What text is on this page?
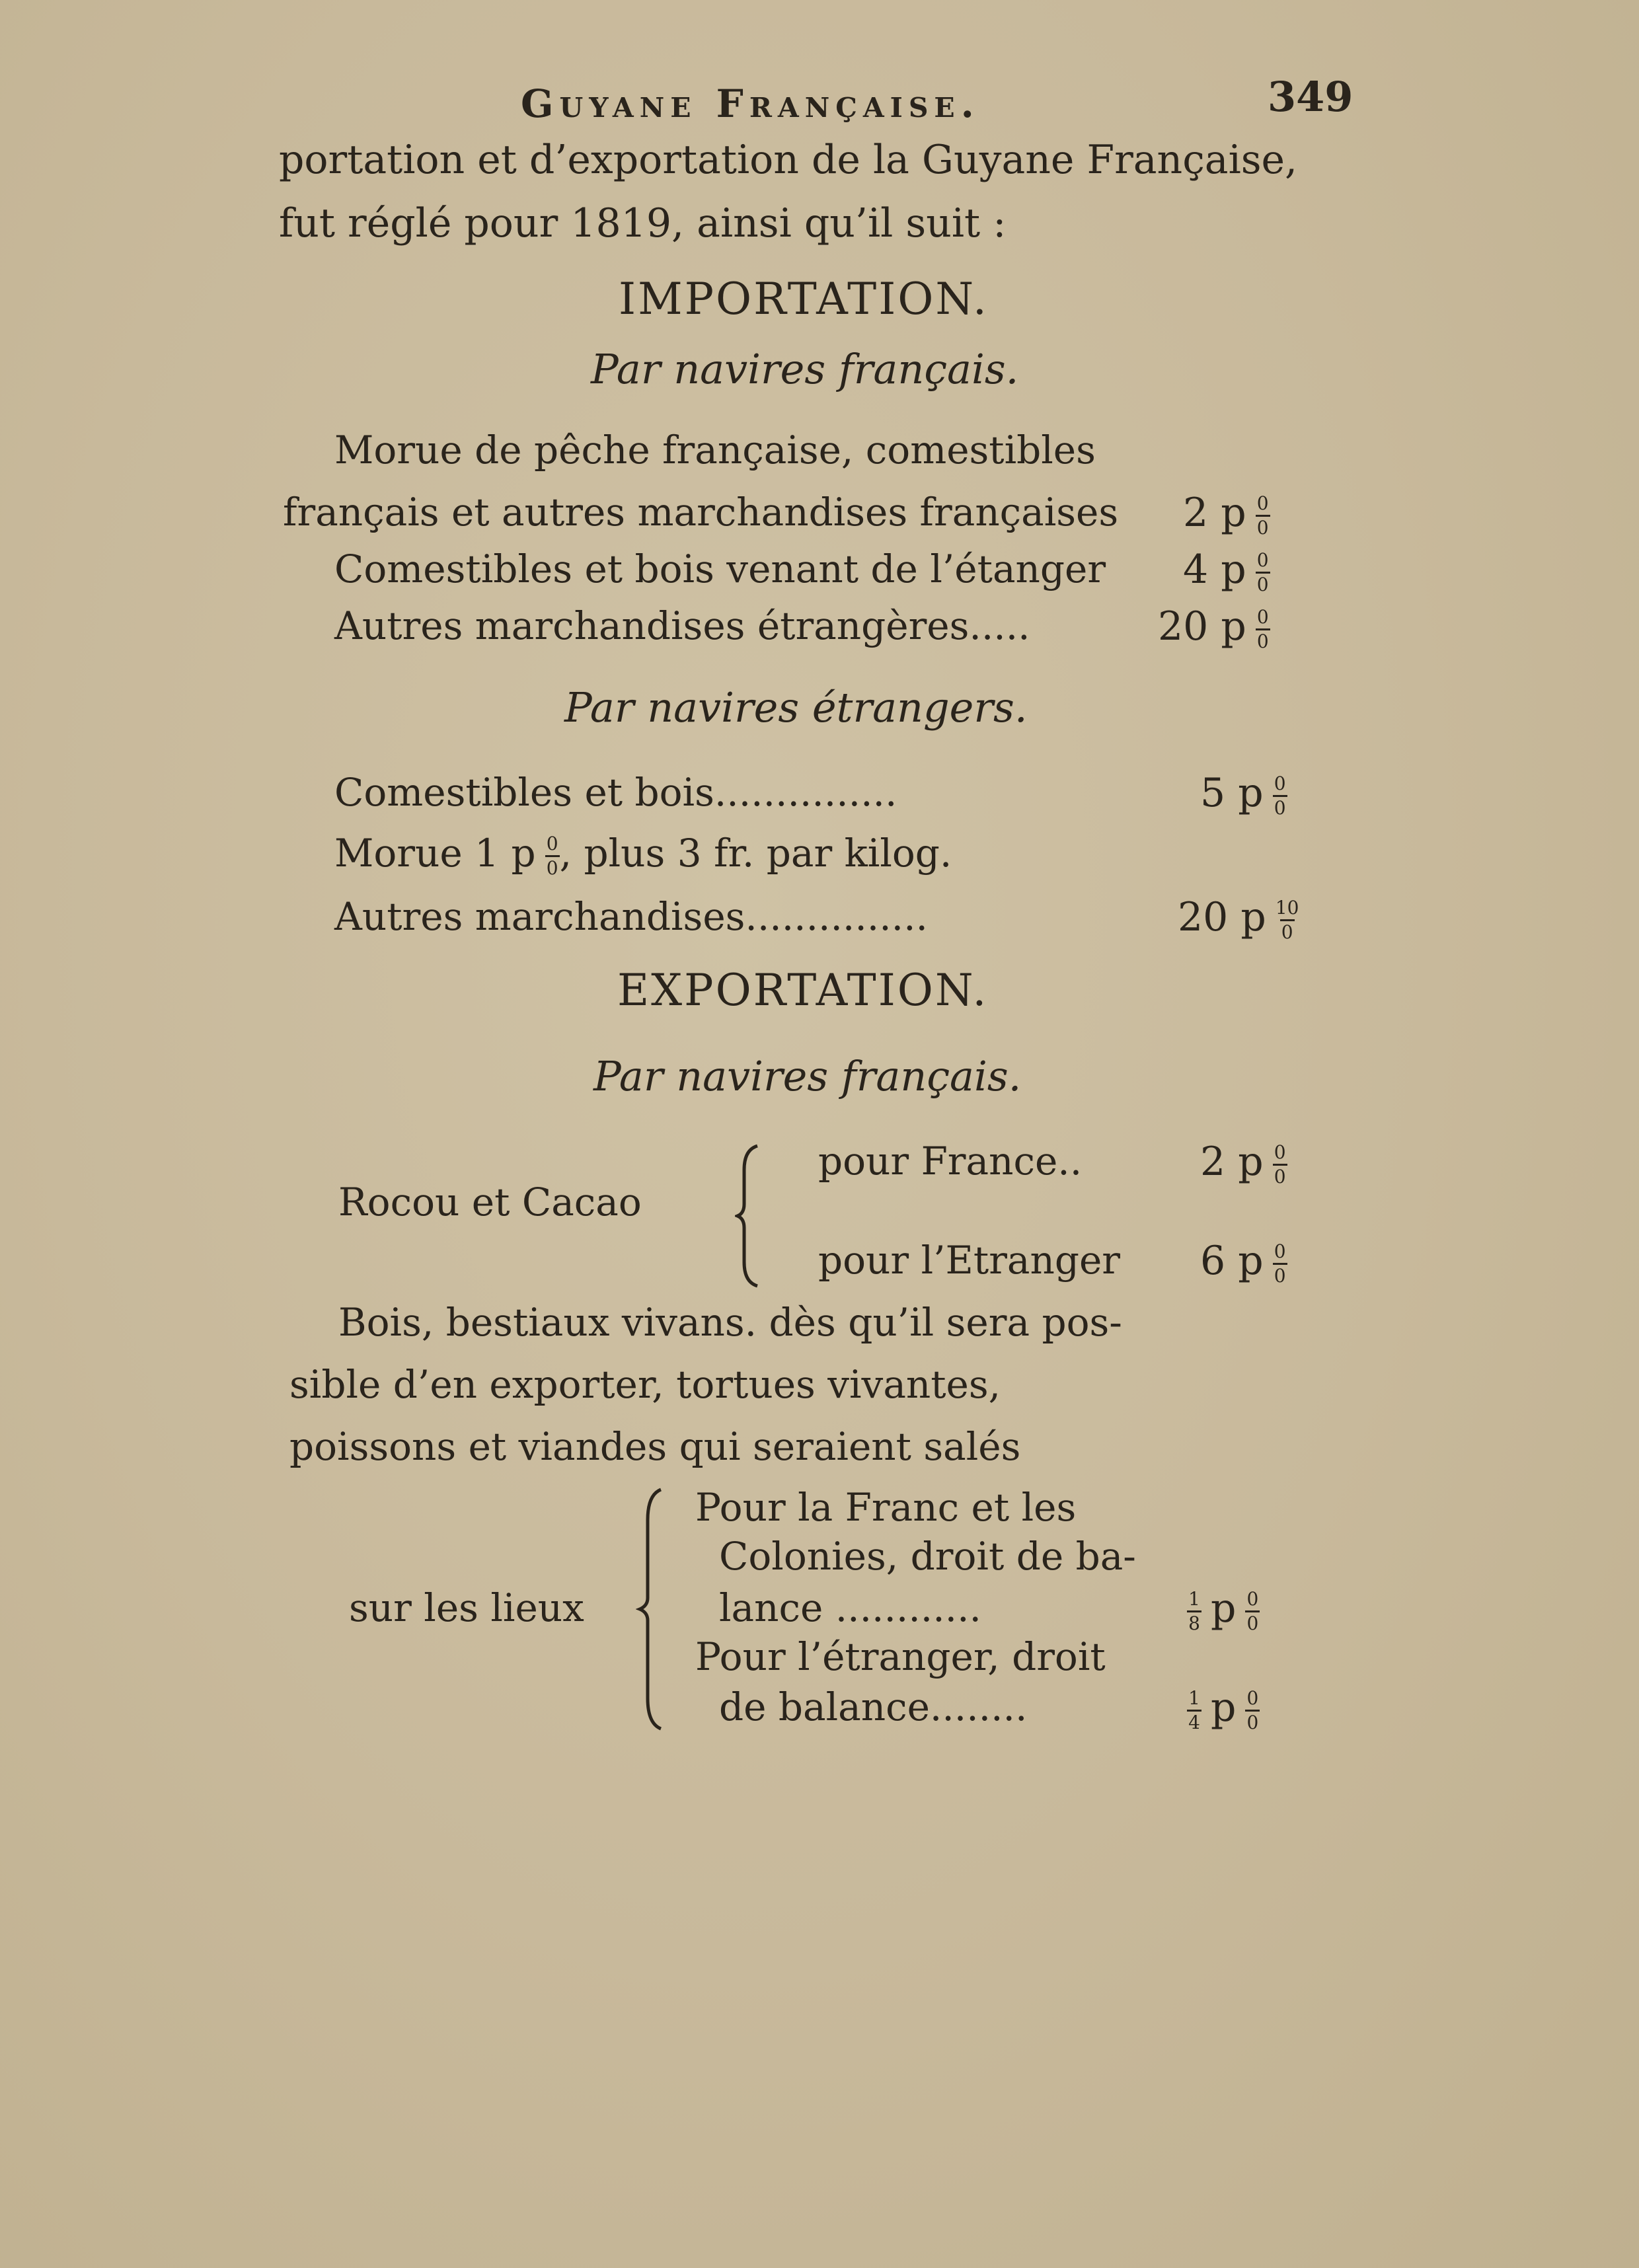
Guyane Française.	349
portation et d’exportation de la Guyane Française,
fut réglé pour 1819, ainsi qu’il suit :
IMPORTATION.
Par navires français.
Morue de pêche française, comestibles
français et autres marchandises françaises 2 p $\frac{0}{0}$
Comestibles et bois venant de l’étanger 4 p $\frac{0}{0}$
Autres marchandises étrangères.....	20 p $\frac{0}{0}$
Par navires étrangers.
Comestibles et bois...............	5 p $\frac{0}{0}$
Morue 1 p $\frac{0}{0}$ , plus 3 fr. par kilog.
Autres marchandises...............	20 p $\frac{10}{0}$
EXPORTATION.
Par navires français.
Rocou et Cacao
pour France..	2 p $\frac{0}{0}$
pour l’Etranger 6 p $\frac{0}{0}$
Bois, bestiaux vivans. dès qu’il sera pos-
sible d’en exporter, tortues vivantes,
poissons et viandes qui seraient salés
sur les lieux
Pour la Franc et les
Colonies, droit de ba-
lance ............	$\frac{1}{8}$ p $\frac{0}{0}$
Pour l’étranger, droit
de balance........	$\frac{1}{4}$ p $\frac{0}{0}$
